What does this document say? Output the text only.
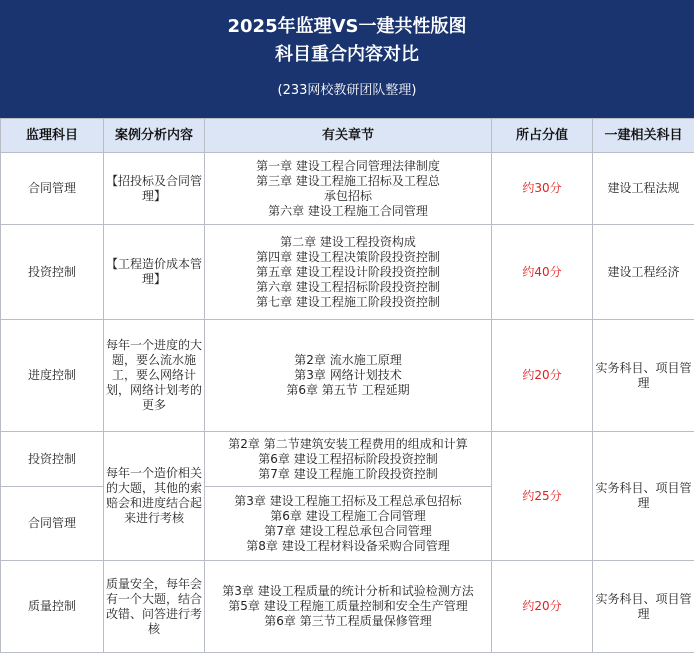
2025年监理VS一建共性版图
科目重合内容对比
(233网校教研团队整理)
监理科目	案例分析内容	有关章节	所占分值	一建相关科目
合同管理	【招投标及合同管理】	第一章 建设工程合同管理法律制度
第三章 建设工程施工招标及工程总
承包招标
第六章 建设工程施工合同管理	约30分	建设工程法规
投资控制	【工程造价成本管理】	第二章 建设工程投资构成
第四章 建设工程决策阶段投资控制
第五章 建设工程设计阶段投资控制
第六章 建设工程招标阶段投资控制
第七章 建设工程施工阶段投资控制	约40分	建设工程经济
进度控制	每年一个进度的大题，要么流水施工，要么网络计划，网络计划考的更多	第2章 流水施工原理
第3章 网络计划技术
第6章 第五节 工程延期	约20分	实务科目、项目管理
投资控制	每年一个造价相关的大题，其他的索赔会和进度结合起来进行考核	第2章 第二节建筑安装工程费用的组成和计算
第6章 建设工程招标阶段投资控制
第7章 建设工程施工阶段投资控制	约25分	实务科目、项目管理
合同管理		第3章 建设工程施工招标及工程总承包招标
第6章 建设工程施工合同管理
第7章 建设工程总承包合同管理
第8章 建设工程材料设备采购合同管理		

质量控制	质量安全，每年会有一个大题，结合改错、问答进行考核	第3章 建设工程质量的统计分析和试验检测方法
第5章 建设工程施工质量控制和安全生产管理
第6章 第三节工程质量保修管理	约20分	实务科目、项目管理
